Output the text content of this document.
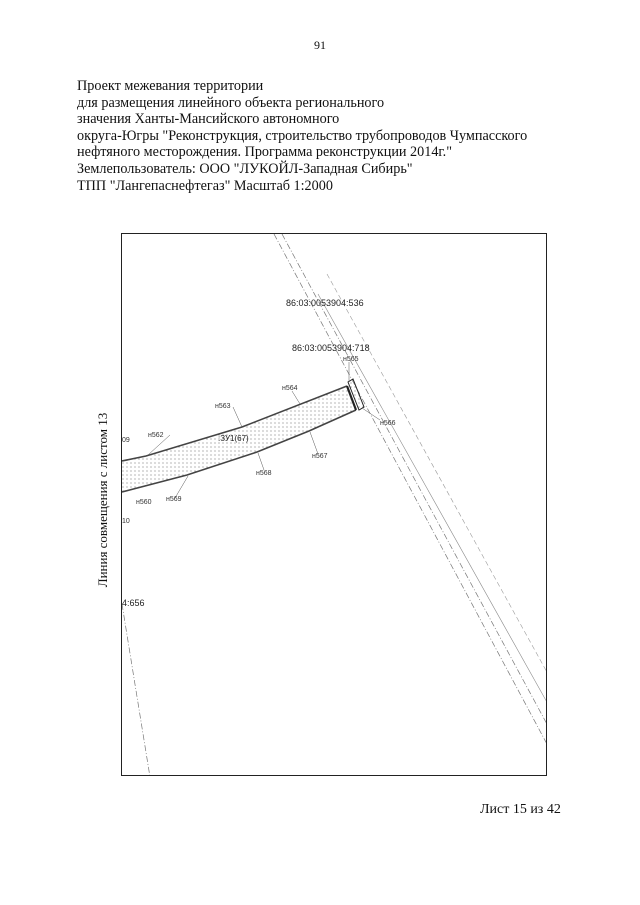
91
Проект межевания территории
для размещения линейного объекта регионального
значения Ханты-Мансийского автономного
округа-Югры "Реконструкция, строительство трубопроводов Чумпасского
нефтяного месторождения. Программа реконструкции 2014г."
Землепользователь: ООО "ЛУКОЙЛ-Западная Сибирь"
ТПП "Лангепаснефтегаз" Масштаб 1:2000
Линия совмещения с листом 13
86:03:0053904:536
86:03:0053904:718
:ЗУ1(67)
4:656
09
10
н562
н563
н564
н565
н566
н567
н568
н569
н560
Лист 15 из 42
